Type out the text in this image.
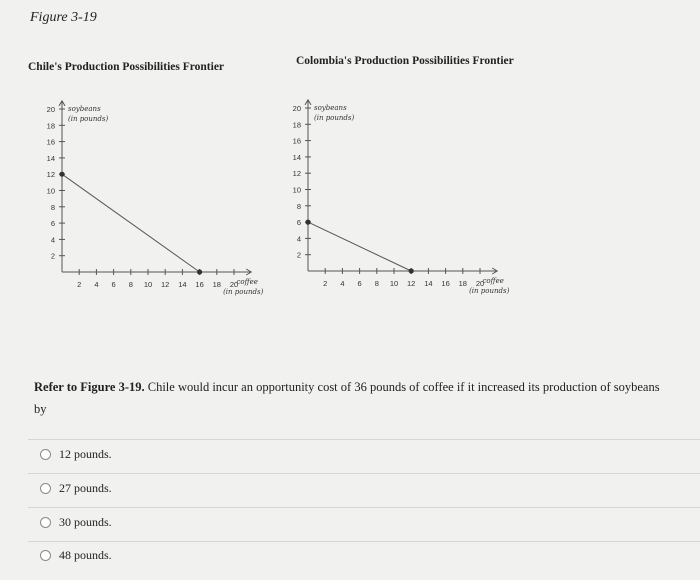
Figure 3-19
Chile's Production Possibilities Frontier	Colombia's Production Possibilities Frontier
2 4 6 8 10 12 14 16 18 20
2
4
6
8
10
12
14
16
18
20 soybeans
(in pounds)
coffee
(in pounds)
2 4 6 8 10 12 14 16 18 20
2
4
6
8
10
12
14
16
18
20 soybeans
(in pounds)
coffee
(in pounds)
Refer to Figure 3-19. Chile would incur an opportunity cost of 36 pounds of coffee if it increased its production of soybeans by
12 pounds.
27 pounds.
30 pounds.
48 pounds.
